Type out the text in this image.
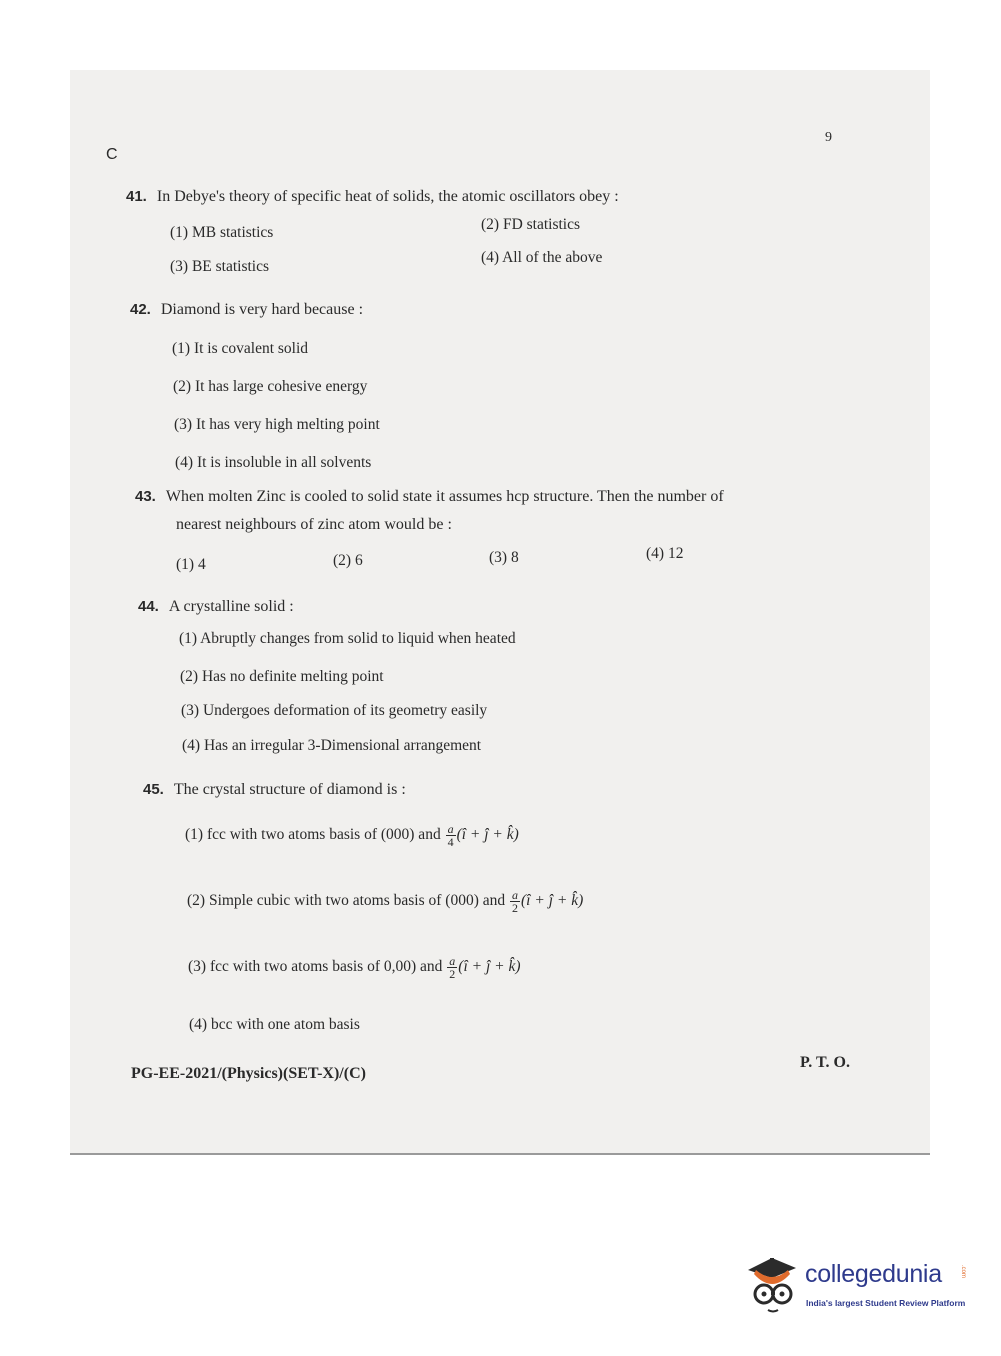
C
9
41. In Debye's theory of specific heat of solids, the atomic oscillators obey :
(1) MB statistics	(2) FD statistics
(3) BE statistics
(4) All of the above
42. Diamond is very hard because :
(1) It is covalent solid
(2) It has large cohesive energy
(3) It has very high melting point
(4) It is insoluble in all solvents
43. When molten Zinc is cooled to solid state it assumes hcp structure. Then the number of
nearest neighbours of zinc atom would be :
(1) 4	(2) 6	(3) 8	(4) 12
44. A crystalline solid :
(1) Abruptly changes from solid to liquid when heated
(2) Has no definite melting point
(3) Undergoes deformation of its geometry easily
(4) Has an irregular 3-Dimensional arrangement
45. The crystal structure of diamond is :
(1) fcc with two atoms basis of (000) and $\frac{a}{4}$ (î + ĵ + k̂)
(2) Simple cubic with two atoms basis of (000) and $\frac{a}{2}$ (î + ĵ + k̂)
(3) fcc with two atoms basis of 0,00) and $\frac{a}{2}$ (î + ĵ + k̂)
(4) bcc with one atom basis
PG-EE-2021/(Physics)(SET-X)/(C)
P. T. O.
collegedunia	.com
India's largest Student Review Platform
